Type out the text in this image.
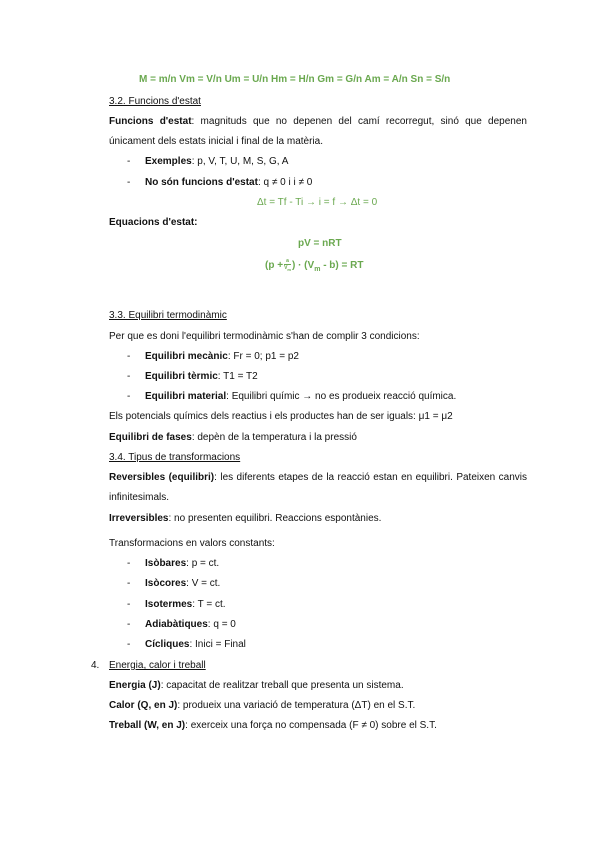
M = m/n Vm = V/n Um = U/n Hm = H/n Gm = G/n Am = A/n Sn = S/n
3.2. Funcions d'estat
Funcions d'estat: magnituds que no depenen del camí recorregut, sinó que depenen
únicament dels estats inicial i final de la matèria.
- Exemples: p, V, T, U, M, S, G, A
- No són funcions d'estat: q ≠ 0 i i ≠ 0
Δt = Tf - Ti → i = f → Δt = 0
Equacions d'estat:
pV = nRT
($p + \frac{a}{V_m}$ ) · $(V_m - b)$ = RT
3.3. Equilibri termodinàmic
Per que es doni l'equilibri termodinàmic s'han de complir 3 condicions:
- Equilibri mecànic: Fr = 0; p1 = p2
- Equilibri tèrmic: T1 = T2
- Equilibri material: Equilibri químic → no es produeix reacció química.
Els potencials químics dels reactius i els productes han de ser iguals: μ1 = μ2
Equilibri de fases: depèn de la temperatura i la pressió
3.4. Tipus de transformacions
Reversibles (equilibri): les diferents etapes de la reacció estan en equilibri. Pateixen canvis
infinitesimals.
Irreversibles: no presenten equilibri. Reaccions espontànies.
Transformacions en valors constants:
- Isòbares: p = ct.
- Isòcores: V = ct.
- Isotermes: T = ct.
- Adiabàtiques: q = 0
- Cícliques: Inici = Final
4. Energia, calor i treball
Energia (J): capacitat de realitzar treball que presenta un sistema.
Calor (Q, en J): produeix una variació de temperatura (ΔT) en el S.T.
Treball (W, en J): exerceix una força no compensada (F ≠ 0) sobre el S.T.
